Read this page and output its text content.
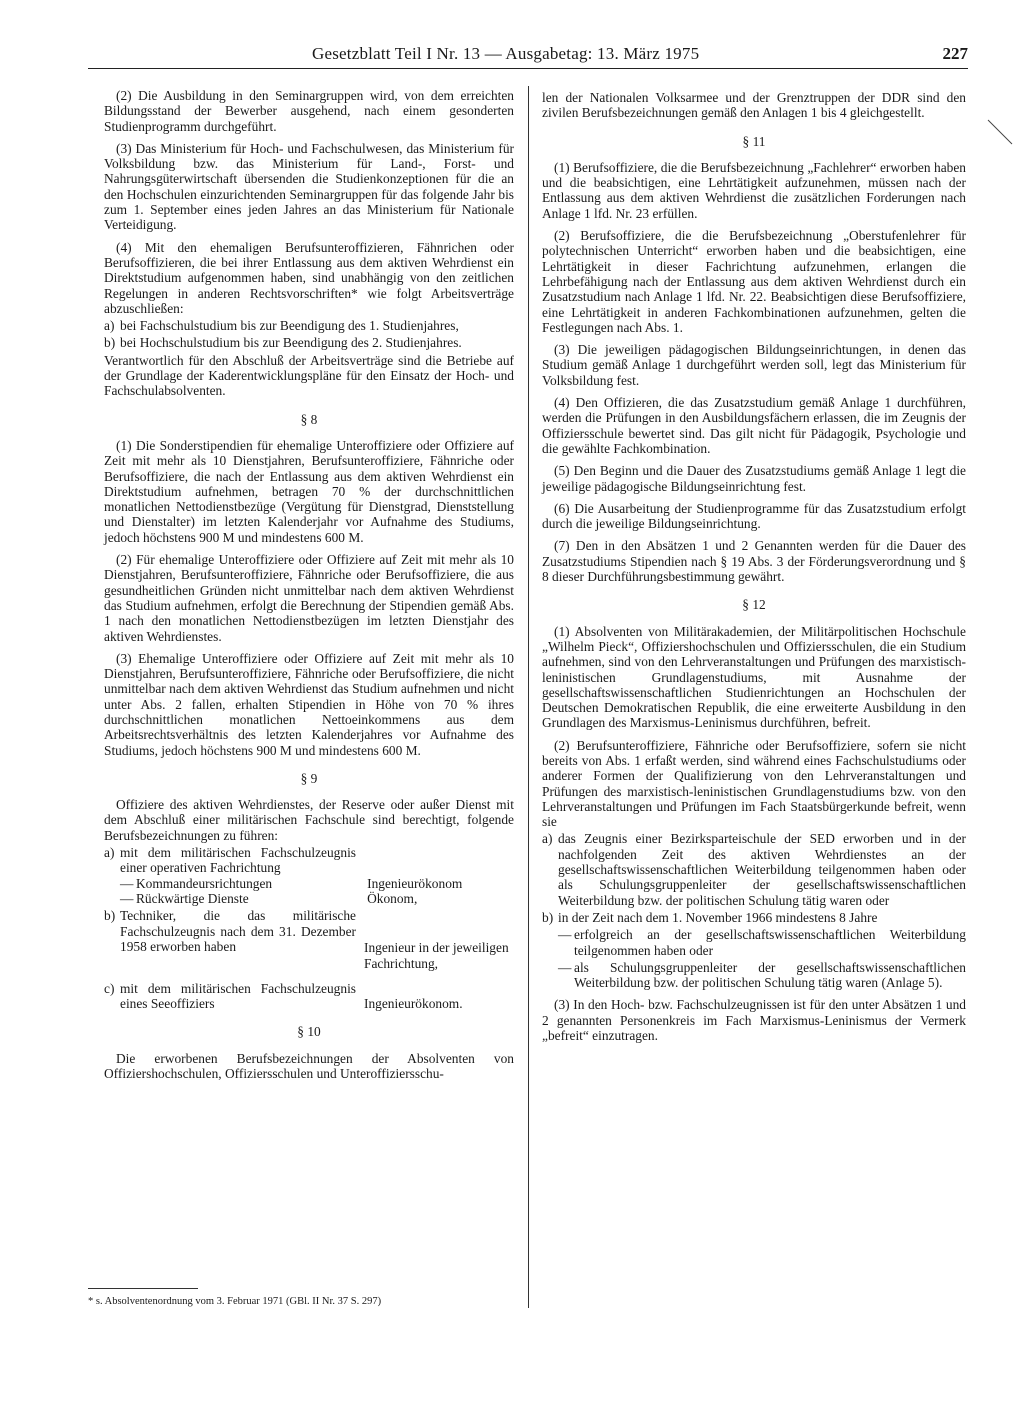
Gesetzblatt Teil I Nr. 13 — Ausgabetag: 13. März 1975	227

(2) Die Ausbildung in den Seminargruppen wird, von dem erreichten Bildungsstand der Bewerber ausgehend, nach einem gesonderten Studienprogramm durchgeführt.

(3) Das Ministerium für Hoch- und Fachschulwesen, das Ministerium für Volksbildung bzw. das Ministerium für Land-, Forst- und Nahrungsgüterwirtschaft übersenden die Studienkonzeptionen für die an den Hochschulen einzurichtenden Seminargruppen für das folgende Jahr bis zum 1. September eines jeden Jahres an das Ministerium für Nationale Verteidigung.

(4) Mit den ehemaligen Berufsunteroffizieren, Fähnrichen oder Berufsoffizieren, die bei ihrer Entlassung aus dem aktiven Wehrdienst ein Direktstudium aufgenommen haben, sind unabhängig von den zeitlichen Regelungen in anderen Rechtsvorschriften* wie folgt Arbeitsverträge abzuschließen:

a) bei Fachschulstudium bis zur Beendigung des 1. Studienjahres,
b) bei Hochschulstudium bis zur Beendigung des 2. Studienjahres.

Verantwortlich für den Abschluß der Arbeitsverträge sind die Betriebe auf der Grundlage der Kaderentwicklungspläne für den Einsatz der Hoch- und Fachschulabsolventen.

§ 8

(1) Die Sonderstipendien für ehemalige Unteroffiziere oder Offiziere auf Zeit mit mehr als 10 Dienstjahren, Berufsunteroffiziere, Fähnriche oder Berufsoffiziere, die nach der Entlassung aus dem aktiven Wehrdienst ein Direktstudium aufnehmen, betragen 70 % der durchschnittlichen monatlichen Nettodienstbezüge (Vergütung für Dienstgrad, Dienststellung und Dienstalter) im letzten Kalenderjahr vor Aufnahme des Studiums, jedoch höchstens 900 M und mindestens 600 M.

(2) Für ehemalige Unteroffiziere oder Offiziere auf Zeit mit mehr als 10 Dienstjahren, Berufsunteroffiziere, Fähnriche oder Berufsoffiziere, die aus gesundheitlichen Gründen nicht unmittelbar nach dem aktiven Wehrdienst das Studium aufnehmen, erfolgt die Berechnung der Stipendien gemäß Abs. 1 nach den monatlichen Nettodienstbezügen im letzten Dienstjahr des aktiven Wehrdienstes.

(3) Ehemalige Unteroffiziere oder Offiziere auf Zeit mit mehr als 10 Dienstjahren, Berufsunteroffiziere, Fähnriche oder Berufsoffiziere, die nicht unmittelbar nach dem aktiven Wehrdienst das Studium aufnehmen und nicht unter Abs. 2 fallen, erhalten Stipendien in Höhe von 70 % ihres durchschnittlichen monatlichen Nettoeinkommens aus dem Arbeitsrechtsverhältnis des letzten Kalenderjahres vor Aufnahme des Studiums, jedoch höchstens 900 M und mindestens 600 M.

§ 9

Offiziere des aktiven Wehrdienstes, der Reserve oder außer Dienst mit dem Abschluß einer militärischen Fachschule sind berechtigt, folgende Berufsbezeichnungen zu führen:

a) mit dem militärischen Fachschulzeugnis einer operativen Fachrichtung
— Kommandeursrichtungen	Ingenieurökonom
— Rückwärtige Dienste	Ökonom,
b) Techniker, die das militärische Fachschulzeugnis nach dem 31. Dezember 1958 erworben haben	Ingenieur in der jeweiligen Fachrichtung,
c) mit dem militärischen Fachschulzeugnis eines Seeoffiziers	Ingenieurökonom.
§ 10

Die erworbenen Berufsbezeichnungen der Absolventen von Offiziershochschulen, Offiziersschulen und Unteroffiziersschu-

len der Nationalen Volksarmee und der Grenztruppen der DDR sind den zivilen Berufsbezeichnungen gemäß den Anlagen 1 bis 4 gleichgestellt.

§ 11

(1) Berufsoffiziere, die die Berufsbezeichnung „Fachlehrer“ erworben haben und die beabsichtigen, eine Lehrtätigkeit aufzunehmen, müssen nach der Entlassung aus dem aktiven Wehrdienst die zusätzlichen Forderungen nach Anlage 1 lfd. Nr. 23 erfüllen.

(2) Berufsoffiziere, die die Berufsbezeichnung „Oberstufenlehrer für polytechnischen Unterricht“ erworben haben und die beabsichtigen, eine Lehrtätigkeit in dieser Fachrichtung aufzunehmen, erlangen die Lehrbefähigung nach der Entlassung aus dem aktiven Wehrdienst durch ein Zusatzstudium nach Anlage 1 lfd. Nr. 22. Beabsichtigen diese Berufsoffiziere, eine Lehrtätigkeit in anderen Fachkombinationen aufzunehmen, gelten die Festlegungen nach Abs. 1.

(3) Die jeweiligen pädagogischen Bildungseinrichtungen, in denen das Studium gemäß Anlage 1 durchgeführt werden soll, legt das Ministerium für Volksbildung fest.

(4) Den Offizieren, die das Zusatzstudium gemäß Anlage 1 durchführen, werden die Prüfungen in den Ausbildungsfächern erlassen, die im Zeugnis der Offiziersschule bewertet sind. Das gilt nicht für Pädagogik, Psychologie und die gewählte Fachkombination.

(5) Den Beginn und die Dauer des Zusatzstudiums gemäß Anlage 1 legt die jeweilige pädagogische Bildungseinrichtung fest.

(6) Die Ausarbeitung der Studienprogramme für das Zusatzstudium erfolgt durch die jeweilige Bildungseinrichtung.

(7) Den in den Absätzen 1 und 2 Genannten werden für die Dauer des Zusatzstudiums Stipendien nach § 19 Abs. 3 der Förderungsverordnung und § 8 dieser Durchführungsbestimmung gewährt.

§ 12

(1) Absolventen von Militärakademien, der Militärpolitischen Hochschule „Wilhelm Pieck“, Offiziershochschulen und Offiziersschulen, die ein Studium aufnehmen, sind von den Lehrveranstaltungen und Prüfungen des marxistisch-leninistischen Grundlagenstudiums, mit Ausnahme der gesellschaftswissenschaftlichen Studienrichtungen an Hochschulen der Deutschen Demokratischen Republik, die eine erweiterte Ausbildung in den Grundlagen des Marxismus-Leninismus durchführen, befreit.

(2) Berufsunteroffiziere, Fähnriche oder Berufsoffiziere, sofern sie nicht bereits von Abs. 1 erfaßt werden, sind während eines Fachschulstudiums oder anderer Formen der Qualifizierung von den Lehrveranstaltungen und Prüfungen des marxistisch-leninistischen Grundlagenstudiums bzw. von den Lehrveranstaltungen und Prüfungen im Fach Staatsbürgerkunde befreit, wenn sie

a) das Zeugnis einer Bezirksparteischule der SED erworben und in der nachfolgenden Zeit des aktiven Wehrdienstes an der gesellschaftswissenschaftlichen Weiterbildung teilgenommen haben oder als Schulungsgruppenleiter der gesellschaftswissenschaftlichen Weiterbildung bzw. der politischen Schulung tätig waren oder
b) in der Zeit nach dem 1. November 1966 mindestens 8 Jahre
— erfolgreich an der gesellschaftswissenschaftlichen Weiterbildung teilgenommen haben oder
— als Schulungsgruppenleiter der gesellschaftswissenschaftlichen Weiterbildung bzw. der politischen Schulung tätig waren (Anlage 5).

(3) In den Hoch- bzw. Fachschulzeugnissen ist für den unter Absätzen 1 und 2 genannten Personenkreis im Fach Marxismus-Leninismus der Vermerk „befreit“ einzutragen.

* s. Absolventenordnung vom 3. Februar 1971 (GBl. II Nr. 37 S. 297)
